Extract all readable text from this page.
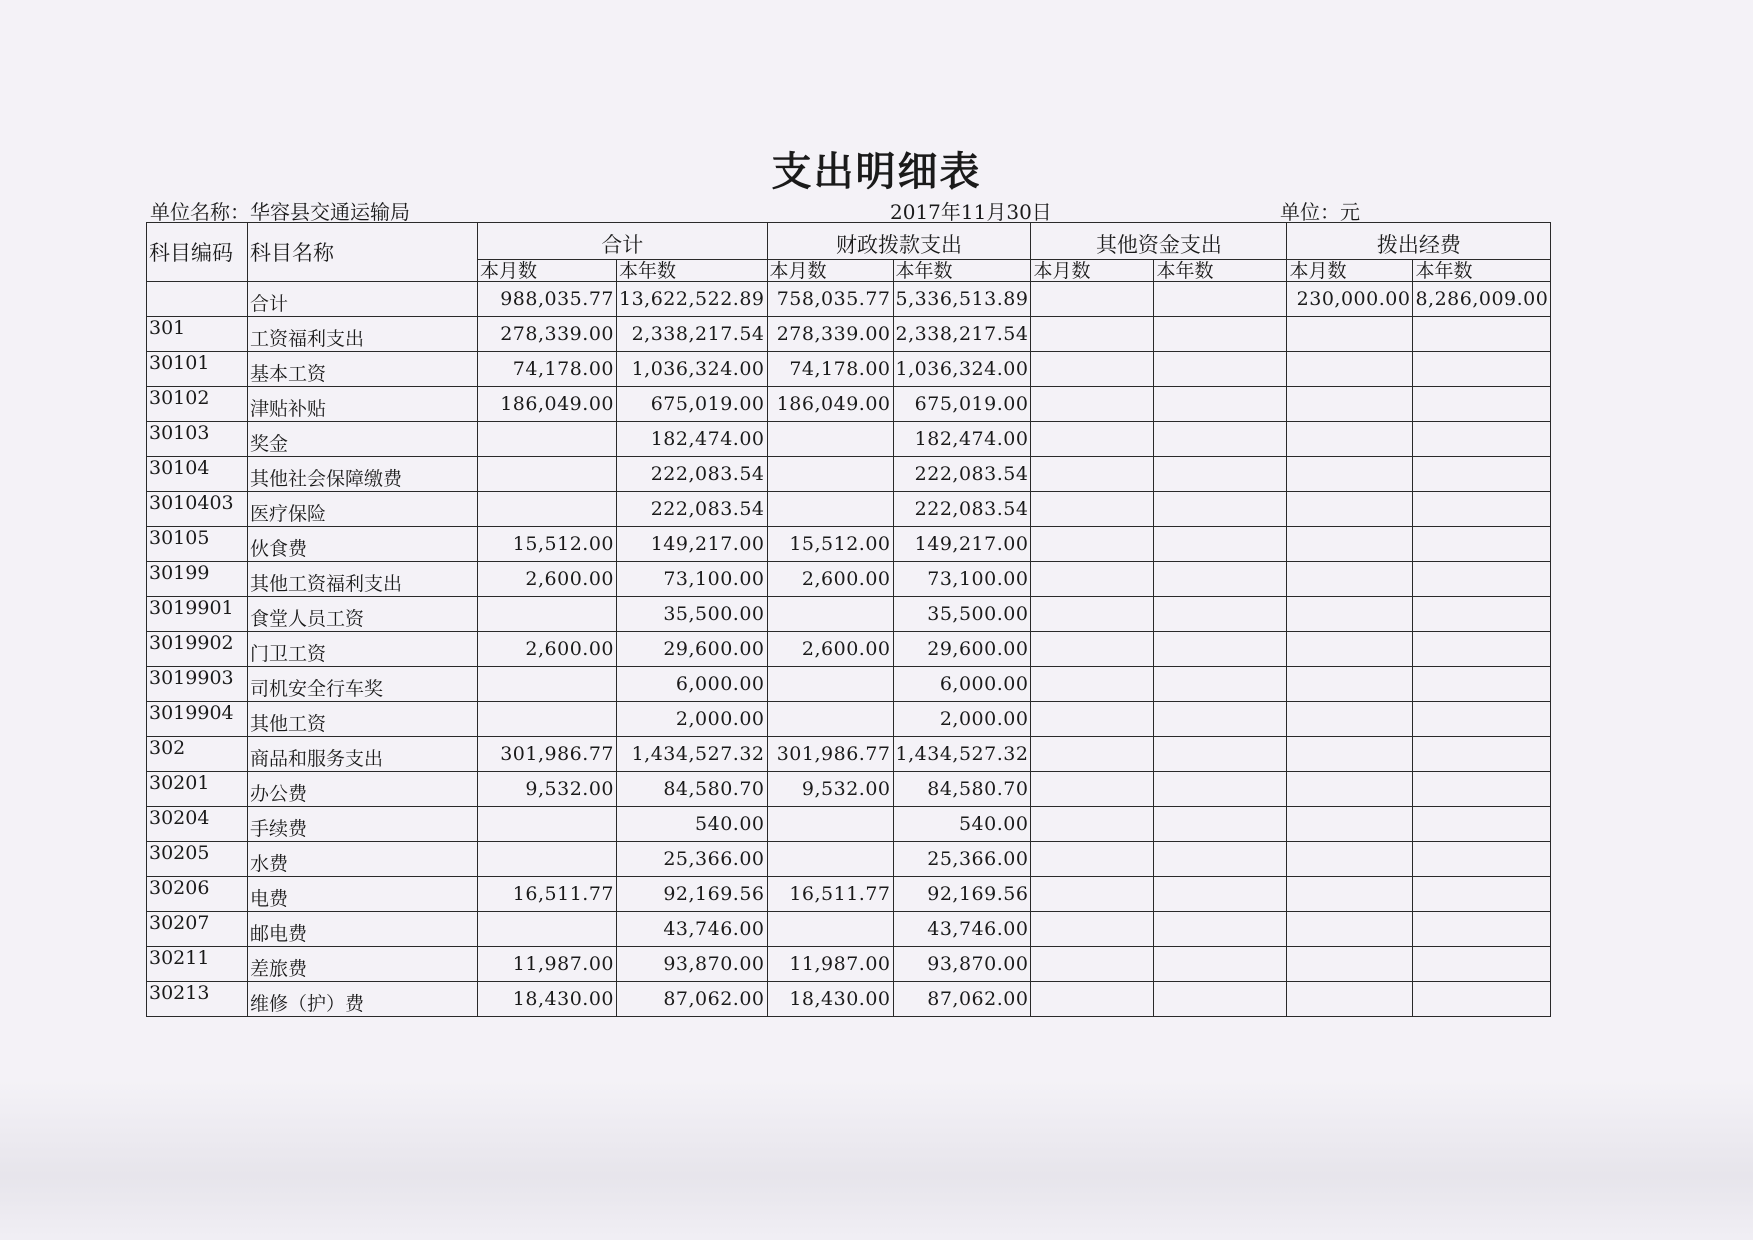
支出明细表
单位名称：华容县交通运输局	2017年11月30日	单位：元
科目编码	科目名称	合计		财政拨款支出		其他资金支出		拨出经费	
		本月数	本年数	本月数	本年数	本月数	本年数	本月数	本年数
	合计	988,035.77	13,622,522.89	758,035.77	5,336,513.89			230,000.00	8,286,009.00
301	工资福利支出	278,339.00	2,338,217.54	278,339.00	2,338,217.54				
30101	基本工资	74,178.00	1,036,324.00	74,178.00	1,036,324.00				
30102	津贴补贴	186,049.00	675,019.00	186,049.00	675,019.00				
30103	奖金		182,474.00		182,474.00				
30104	其他社会保障缴费		222,083.54		222,083.54				
3010403	医疗保险		222,083.54		222,083.54				
30105	伙食费	15,512.00	149,217.00	15,512.00	149,217.00				
30199	其他工资福利支出	2,600.00	73,100.00	2,600.00	73,100.00				
3019901	食堂人员工资		35,500.00		35,500.00				
3019902	门卫工资	2,600.00	29,600.00	2,600.00	29,600.00				
3019903	司机安全行车奖		6,000.00		6,000.00				
3019904	其他工资		2,000.00		2,000.00				
302	商品和服务支出	301,986.77	1,434,527.32	301,986.77	1,434,527.32				
30201	办公费	9,532.00	84,580.70	9,532.00	84,580.70				
30204	手续费		540.00		540.00				
30205	水费		25,366.00		25,366.00				
30206	电费	16,511.77	92,169.56	16,511.77	92,169.56				
30207	邮电费		43,746.00		43,746.00				
30211	差旅费	11,987.00	93,870.00	11,987.00	93,870.00				
30213	维修（护）费	18,430.00	87,062.00	18,430.00	87,062.00				
